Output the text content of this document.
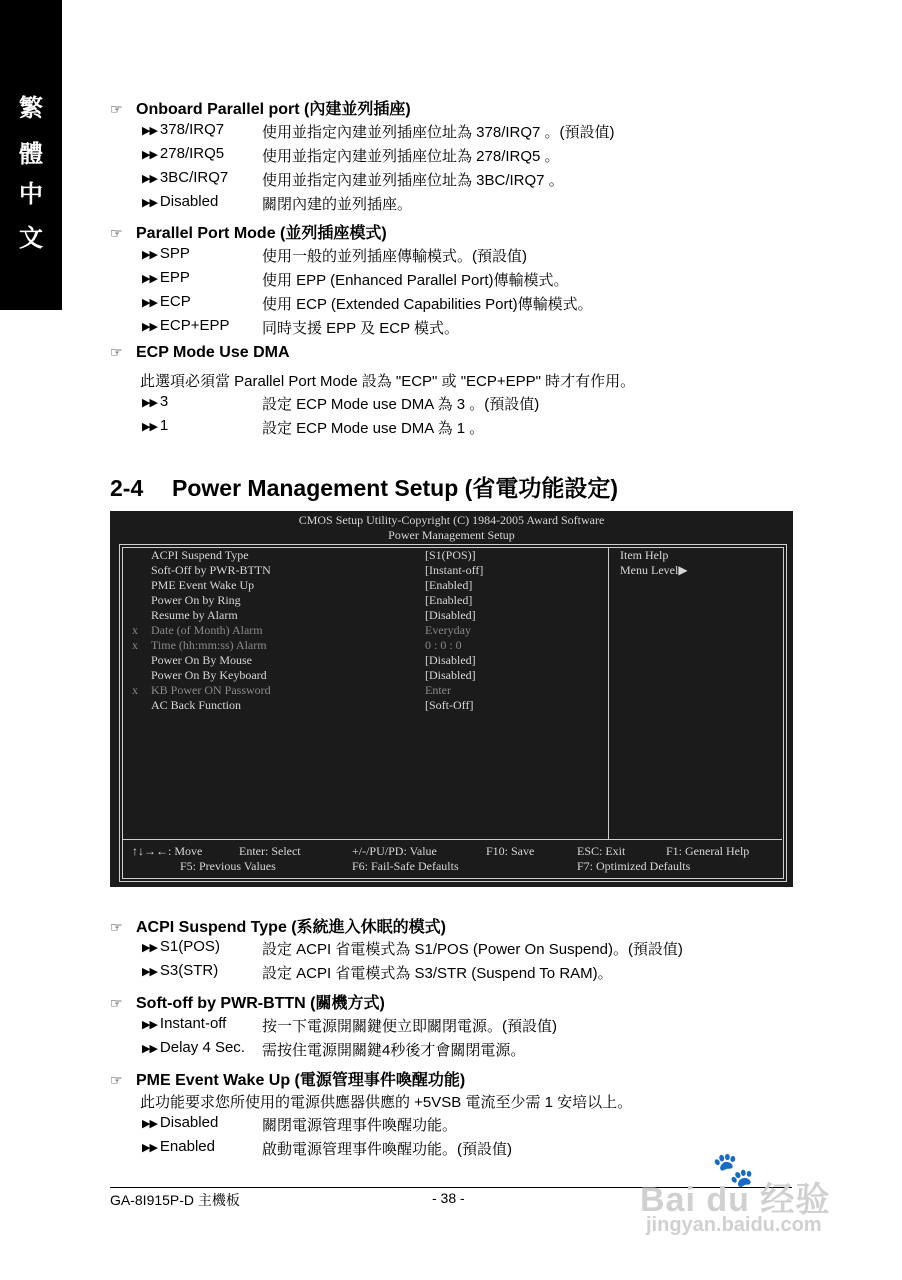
繁
體
中
文
☞ Onboard Parallel port (內建並列插座)
▶▶ 378/IRQ7	使用並指定內建並列插座位址為 378/IRQ7 。(預設值)
▶▶ 278/IRQ5	使用並指定內建並列插座位址為 278/IRQ5 。
▶▶ 3BC/IRQ7 使用並指定內建並列插座位址為 3BC/IRQ7 。
▶▶ Disabled	關閉內建的並列插座。
☞ Parallel Port Mode (並列插座模式)
▶▶ SPP	使用一般的並列插座傳輸模式。(預設值)
▶▶ EPP	使用 EPP (Enhanced Parallel Port)傳輸模式。
▶▶ ECP	使用 ECP (Extended Capabilities Port)傳輸模式。
▶▶ ECP+EPP 同時支援 EPP 及 ECP 模式。
☞ ECP Mode Use DMA
此選項必須當 Parallel Port Mode 設為 "ECP" 或 "ECP+EPP" 時才有作用。
▶▶ 3	設定 ECP Mode use DMA 為 3 。(預設值)
▶▶ 1	設定 ECP Mode use DMA 為 1 。
2-4 Power Management Setup (省電功能設定)
CMOS Setup Utility-Copyright (C) 1984-2005 Award Software
Power Management Setup
Item Help
Menu Level▶
ACPI Suspend Type	[S1(POS)]
Soft-Off by PWR-BTTN	[Instant-off]
PME Event Wake Up	[Enabled]
Power On by Ring	[Enabled]
Resume by Alarm	[Disabled]
x Date (of Month) Alarm	Everyday
x Time (hh:mm:ss) Alarm	0 : 0 : 0
Power On By Mouse	[Disabled]
Power On By Keyboard	[Disabled]
x KB Power ON Password	Enter
AC Back Function	[Soft-Off]
↑↓→←: Move	Enter: Select	+/-/PU/PD: Value	F10: Save	ESC: Exit	F1: General Help
F5: Previous Values	F6: Fail-Safe Defaults	F7: Optimized Defaults
☞ ACPI Suspend Type (系統進入休眠的模式)
▶▶ S1(POS)	設定 ACPI 省電模式為 S1/POS (Power On Suspend)。(預設值)
▶▶ S3(STR)	設定 ACPI 省電模式為 S3/STR (Suspend To RAM)。
☞ Soft-off by PWR-BTTN (關機方式)
▶▶ Instant-off 按一下電源開關鍵便立即關閉電源。(預設值)
▶▶ Delay 4 Sec. 需按住電源開關鍵4秒後才會關閉電源。
☞ PME Event Wake Up (電源管理事件喚醒功能)
此功能要求您所使用的電源供應器供應的 +5VSB 電流至少需 1 安培以上。
▶▶ Disabled	關閉電源管理事件喚醒功能。
▶▶ Enabled	啟動電源管理事件喚醒功能。(預設值)
GA-8I915P-D 主機板	- 38 -
🐾
Bai du 经验
jingyan.baidu.com
